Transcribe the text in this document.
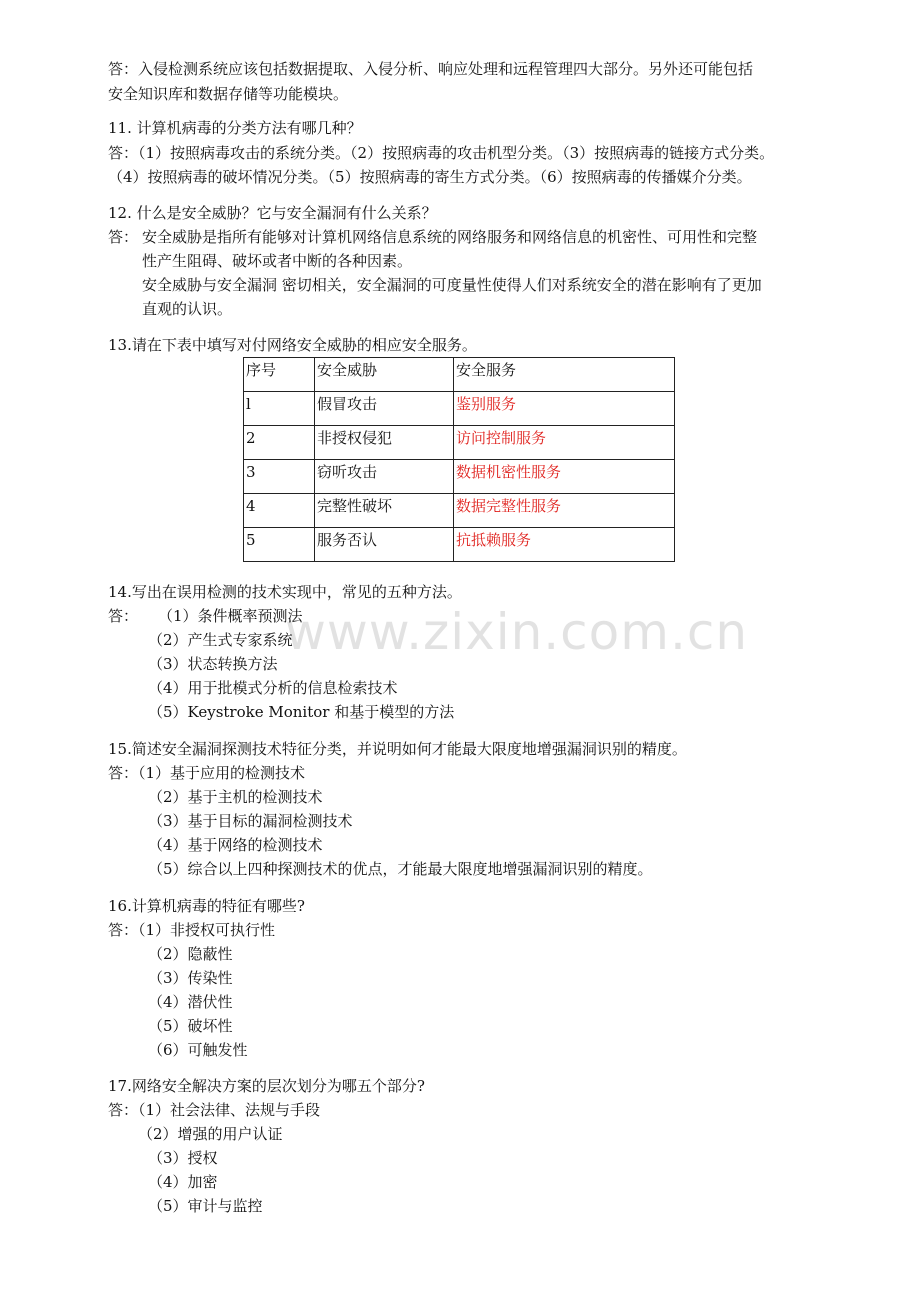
www.zixin.com.cn
答：入侵检测系统应该包括数据提取、入侵分析、响应处理和远程管理四大部分。另外还可能包括
安全知识库和数据存储等功能模块。
11. 计算机病毒的分类方法有哪几种？
答：（1）按照病毒攻击的系统分类。（2）按照病毒的攻击机型分类。（3）按照病毒的链接方式分类。
（4）按照病毒的破坏情况分类。（5）按照病毒的寄生方式分类。（6）按照病毒的传播媒介分类。
12. 什么是安全威胁？它与安全漏洞有什么关系？
答： 安全威胁是指所有能够对计算机网络信息系统的网络服务和网络信息的机密性、可用性和完整
性产生阻碍、破坏或者中断的各种因素。
安全威胁与安全漏洞 密切相关，安全漏洞的可度量性使得人们对系统安全的潜在影响有了更加
直观的认识。
13.请在下表中填写对付网络安全威胁的相应安全服务。
序号	安全威胁	安全服务
l	假冒攻击	鉴别服务
2	非授权侵犯	访问控制服务
3	窃听攻击	数据机密性服务
4	完整性破坏	数据完整性服务
5	服务否认	抗抵赖服务
14.写出在误用检测的技术实现中，常见的五种方法。
答： （1）条件概率预测法
（2）产生式专家系统
（3）状态转换方法
（4）用于批模式分析的信息检索技术
（5）Keystroke Monitor 和基于模型的方法
15.简述安全漏洞探测技术特征分类，并说明如何才能最大限度地增强漏洞识别的精度。
答：（1）基于应用的检测技术
（2）基于主机的检测技术
（3）基于目标的漏洞检测技术
（4）基于网络的检测技术
（5）综合以上四种探测技术的优点，才能最大限度地增强漏洞识别的精度。
16.计算机病毒的特征有哪些?
答：（1）非授权可执行性
（2）隐蔽性
（3）传染性
（4）潜伏性
（5）破坏性
（6）可触发性
17.网络安全解决方案的层次划分为哪五个部分?
答：（1）社会法律、法规与手段
（2）增强的用户认证
（3）授权
（4）加密
（5）审计与监控
